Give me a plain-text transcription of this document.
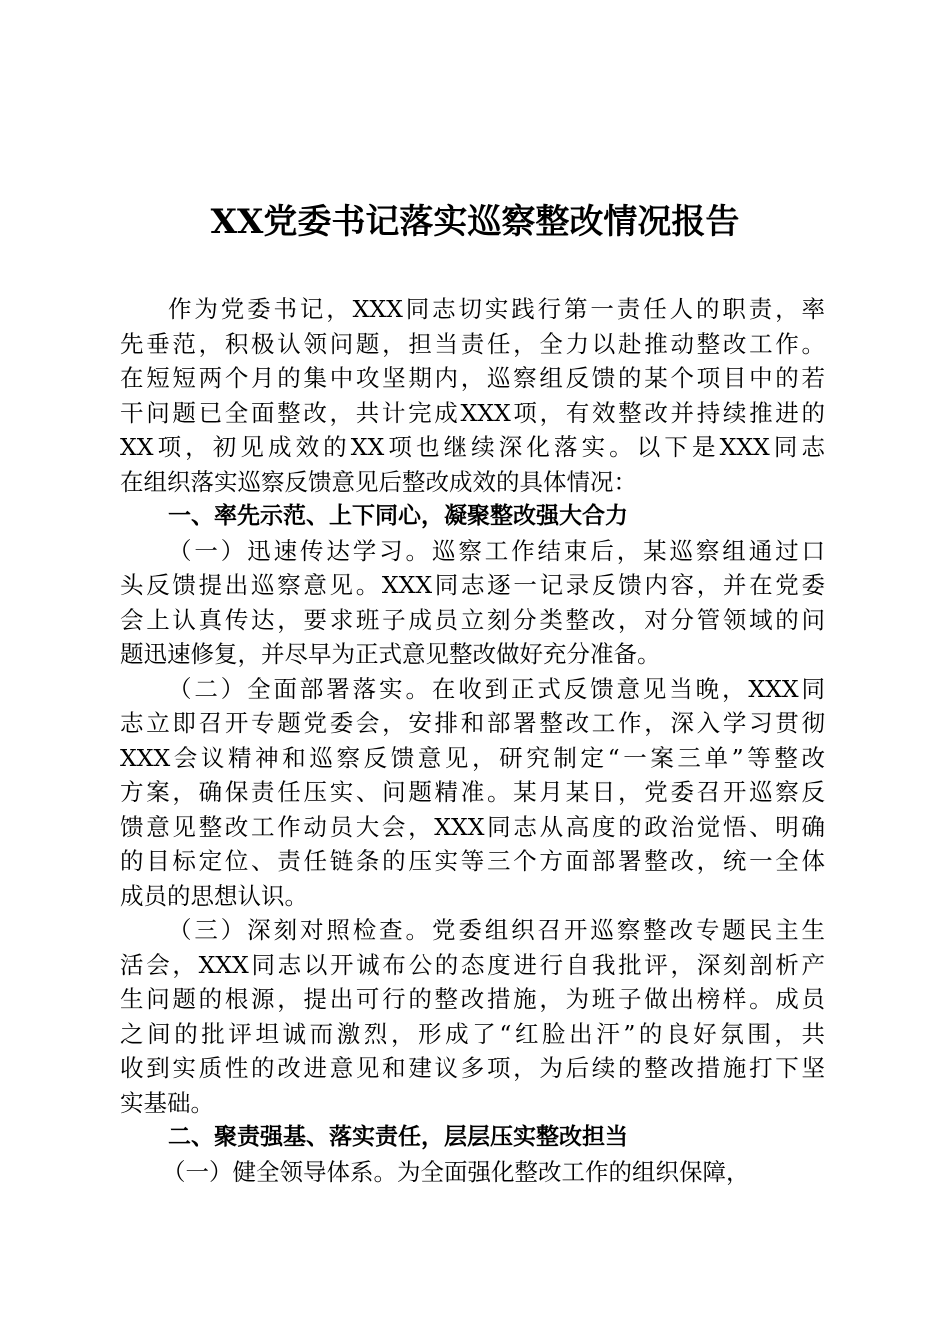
XX党委书记落实巡察整改情况报告
作为党委书记，XXX同志切实践行第一责任人的职责，率
先垂范，积极认领问题，担当责任，全力以赴推动整改工作。
在短短两个月的集中攻坚期内，巡察组反馈的某个项目中的若
干问题已全面整改，共计完成XXX项，有效整改并持续推进的
XX项，初见成效的XX项也继续深化落实。以下是XXX同志
在组织落实巡察反馈意见后整改成效的具体情况：
一、率先示范、上下同心，凝聚整改强大合力
（一）迅速传达学习。巡察工作结束后，某巡察组通过口
头反馈提出巡察意见。XXX同志逐一记录反馈内容，并在党委
会上认真传达，要求班子成员立刻分类整改，对分管领域的问
题迅速修复，并尽早为正式意见整改做好充分准备。
（二）全面部署落实。在收到正式反馈意见当晚，XXX同
志立即召开专题党委会，安排和部署整改工作，深入学习贯彻
XXX会议精神和巡察反馈意见，研究制定“一案三单”等整改
方案，确保责任压实、问题精准。某月某日，党委召开巡察反
馈意见整改工作动员大会，XXX同志从高度的政治觉悟、明确
的目标定位、责任链条的压实等三个方面部署整改，统一全体
成员的思想认识。
（三）深刻对照检查。党委组织召开巡察整改专题民主生
活会，XXX同志以开诚布公的态度进行自我批评，深刻剖析产
生问题的根源，提出可行的整改措施，为班子做出榜样。成员
之间的批评坦诚而激烈，形成了“红脸出汗”的良好氛围，共
收到实质性的改进意见和建议多项，为后续的整改措施打下坚
实基础。
二、聚责强基、落实责任，层层压实整改担当
（一）健全领导体系。为全面强化整改工作的组织保障，
